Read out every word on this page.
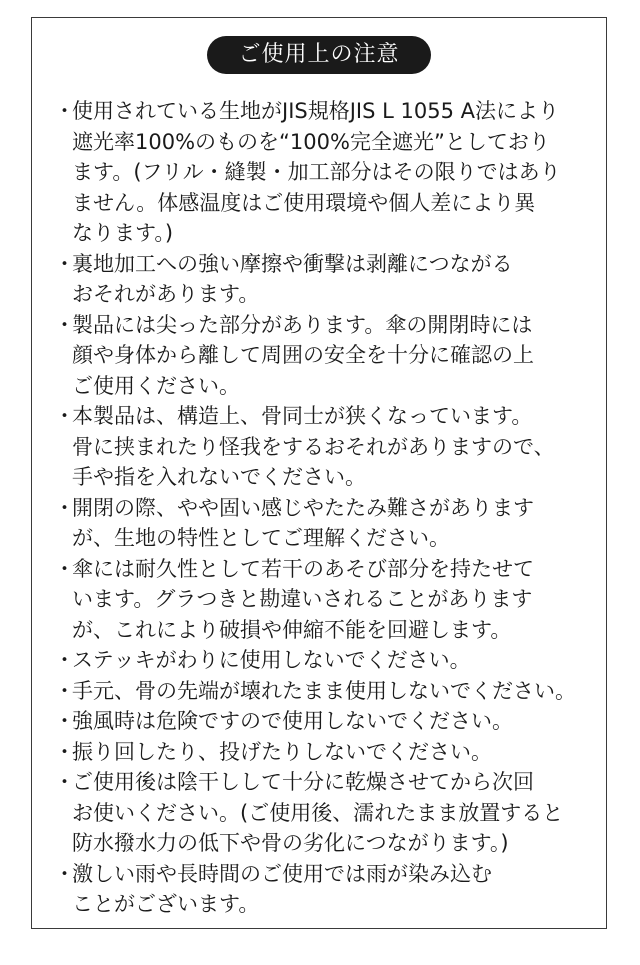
ご使用上の注意
・
使用されている生地がJIS規格JIS L 1055 A法により
遮光率100%のものを“100%完全遮光”としており
ます。(フリル・縫製・加工部分はその限りではあり
ません。体感温度はご使用環境や個人差により異
なります。)
・
裏地加工への強い摩擦や衝撃は剥離につながる
おそれがあります。
・
製品には尖った部分があります。傘の開閉時には
顔や身体から離して周囲の安全を十分に確認の上
ご使用ください。
・
本製品は、構造上、骨同士が狭くなっています。
骨に挟まれたり怪我をするおそれがありますので、
手や指を入れないでください。
・
開閉の際、やや固い感じやたたみ難さがあります
が、生地の特性としてご理解ください。
・
傘には耐久性として若干のあそび部分を持たせて
います。グラつきと勘違いされることがあります
が、これにより破損や伸縮不能を回避します。
・
ステッキがわりに使用しないでください。
・
手元、骨の先端が壊れたまま使用しないでください。
・
強風時は危険ですので使用しないでください。
・
振り回したり、投げたりしないでください。
・
ご使用後は陰干しして十分に乾燥させてから次回
お使いください。(ご使用後、濡れたまま放置すると
防水撥水力の低下や骨の劣化につながります。)
・
激しい雨や長時間のご使用では雨が染み込む
ことがございます。
